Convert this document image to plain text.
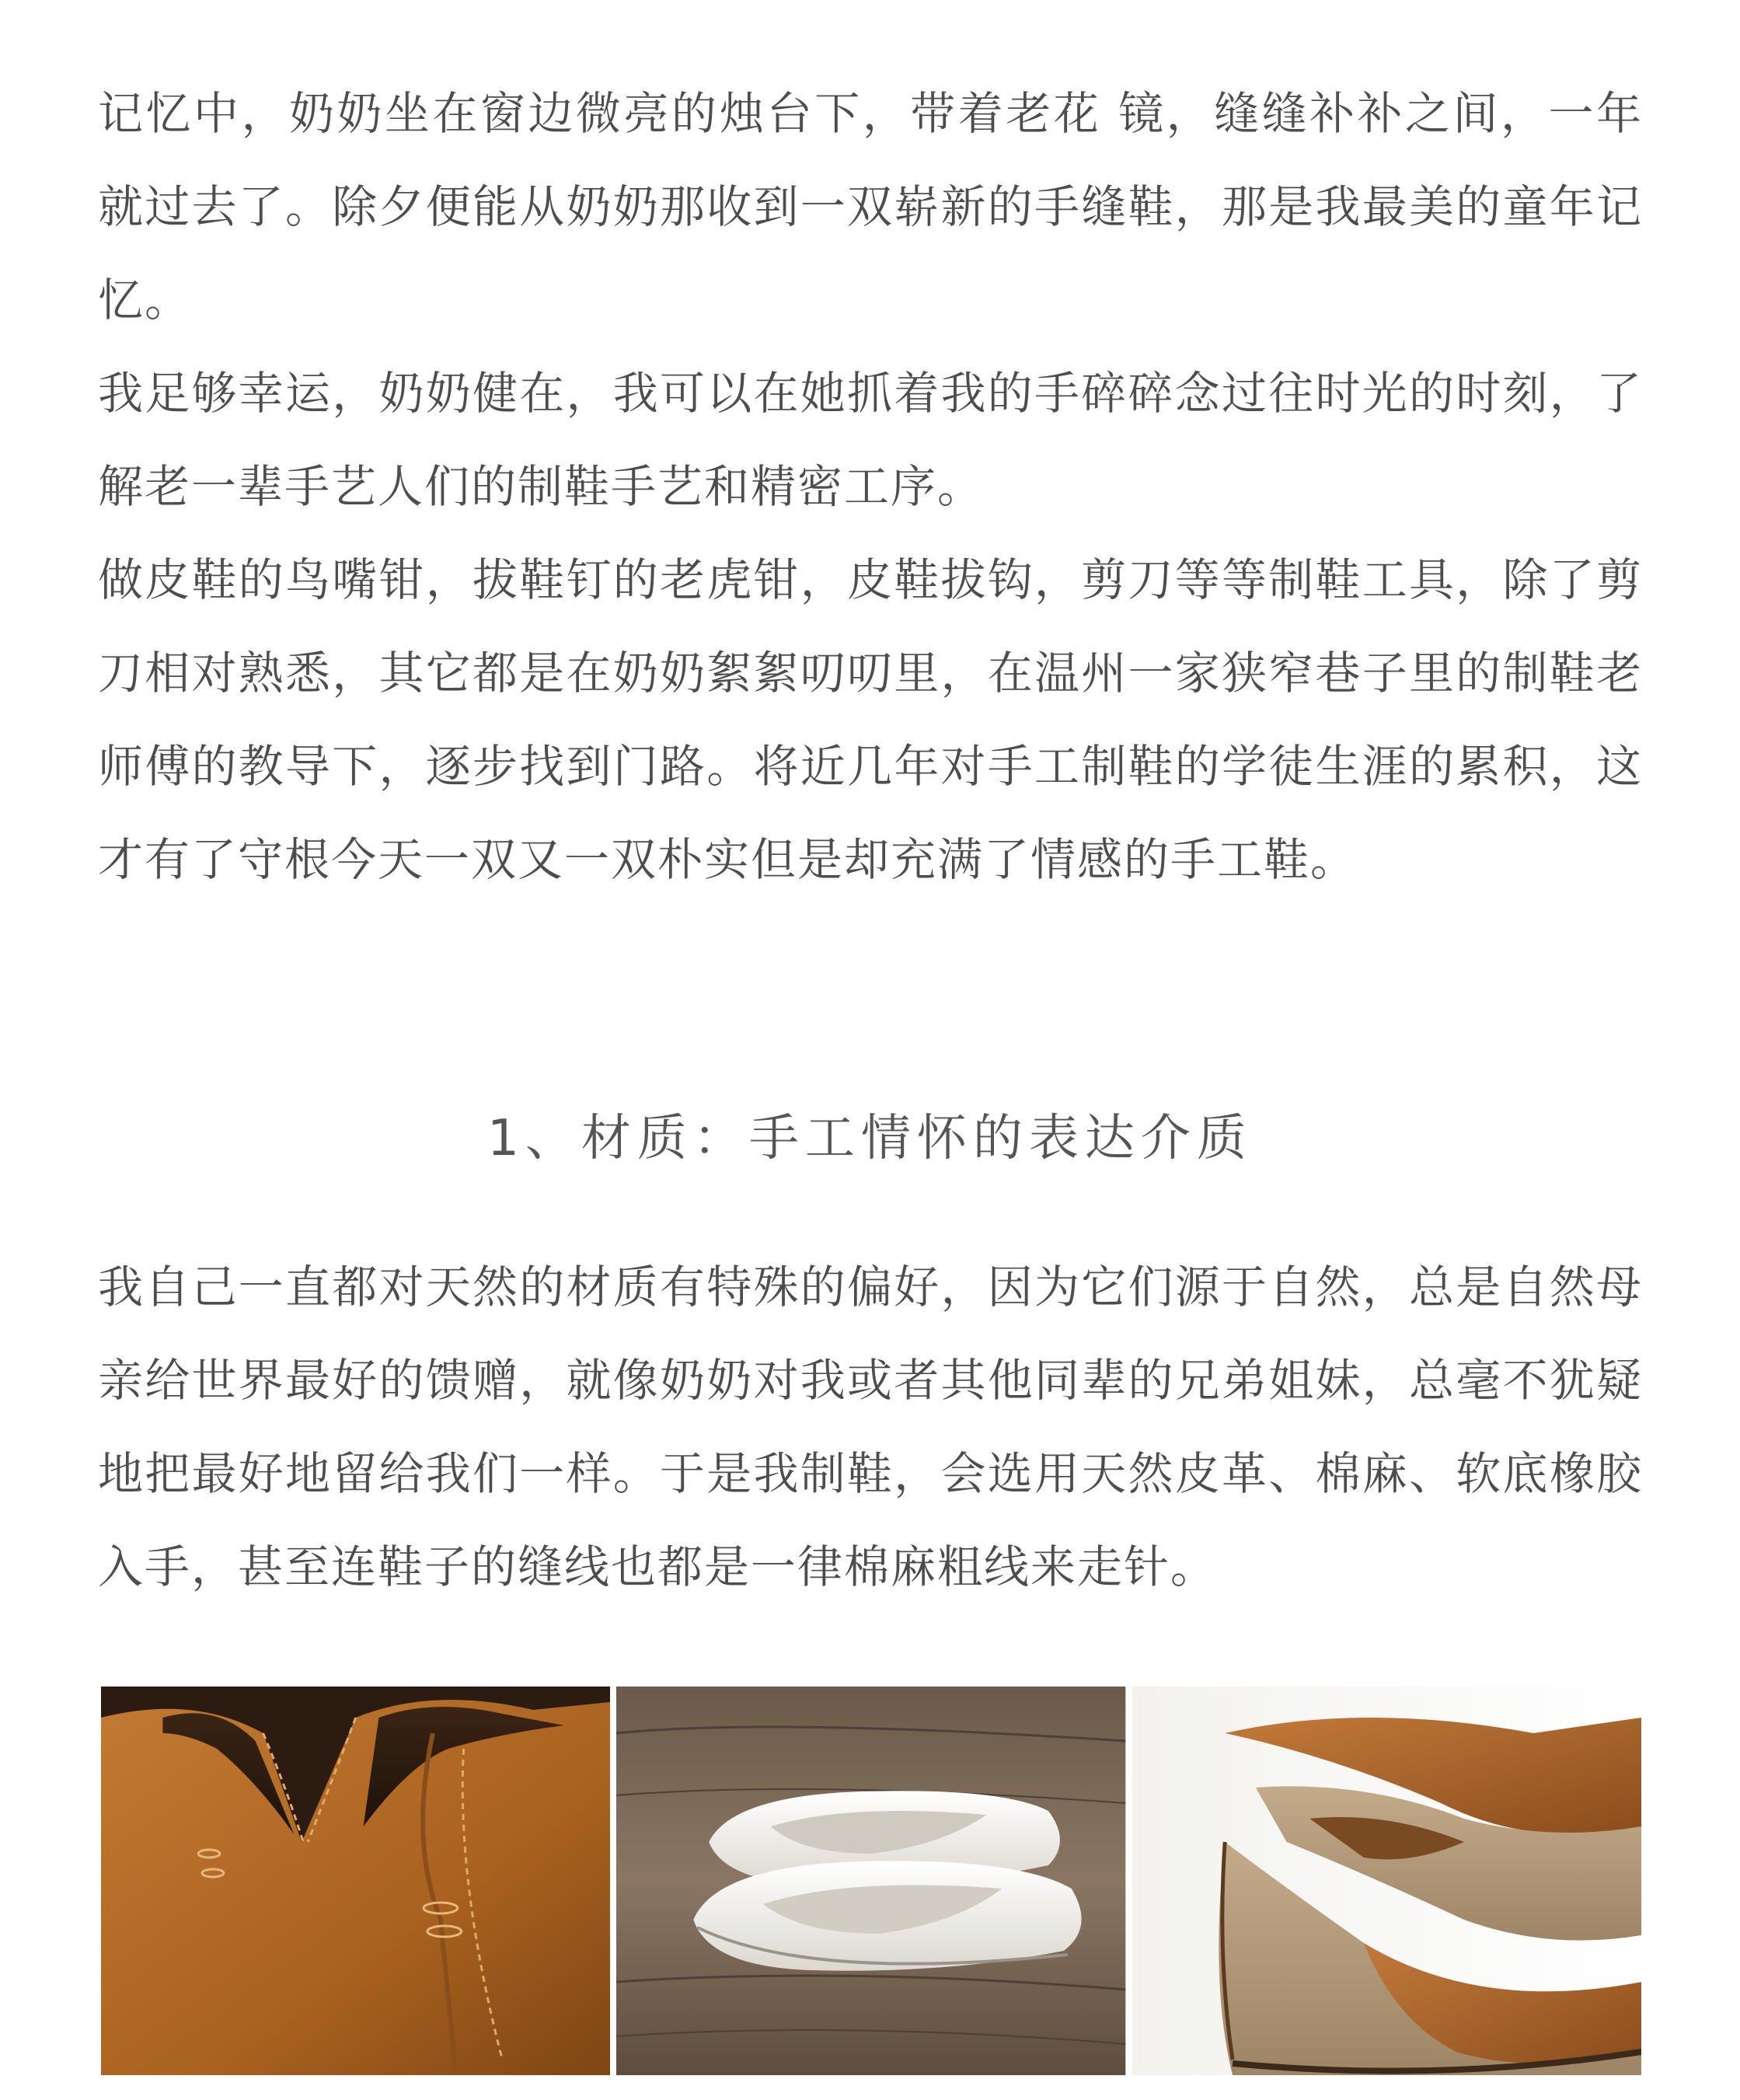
记忆中，奶奶坐在窗边微亮的烛台下，带着老花 镜，缝缝补补之间，一年就过去了。除夕便能从奶奶那收到一双崭新的手缝鞋，那是我最美的童年记忆。

我足够幸运，奶奶健在，我可以在她抓着我的手碎碎念过往时光的时刻，了解老一辈手艺人们的制鞋手艺和精密工序。

做皮鞋的鸟嘴钳，拔鞋钉的老虎钳，皮鞋拔钩，剪刀等等制鞋工具，除了剪刀相对熟悉，其它都是在奶奶絮絮叨叨里，在温州一家狭窄巷子里的制鞋老师傅的教导下，逐步找到门路。将近几年对手工制鞋的学徒生涯的累积，这才有了守根今天一双又一双朴实但是却充满了情感的手工鞋。

1、材质：手工情怀的表达介质

我自己一直都对天然的材质有特殊的偏好，因为它们源于自然，总是自然母亲给世界最好的馈赠，就像奶奶对我或者其他同辈的兄弟姐妹，总毫不犹疑地把最好地留给我们一样。于是我制鞋，会选用天然皮革、棉麻、软底橡胶入手，甚至连鞋子的缝线也都是一律棉麻粗线来走针。
